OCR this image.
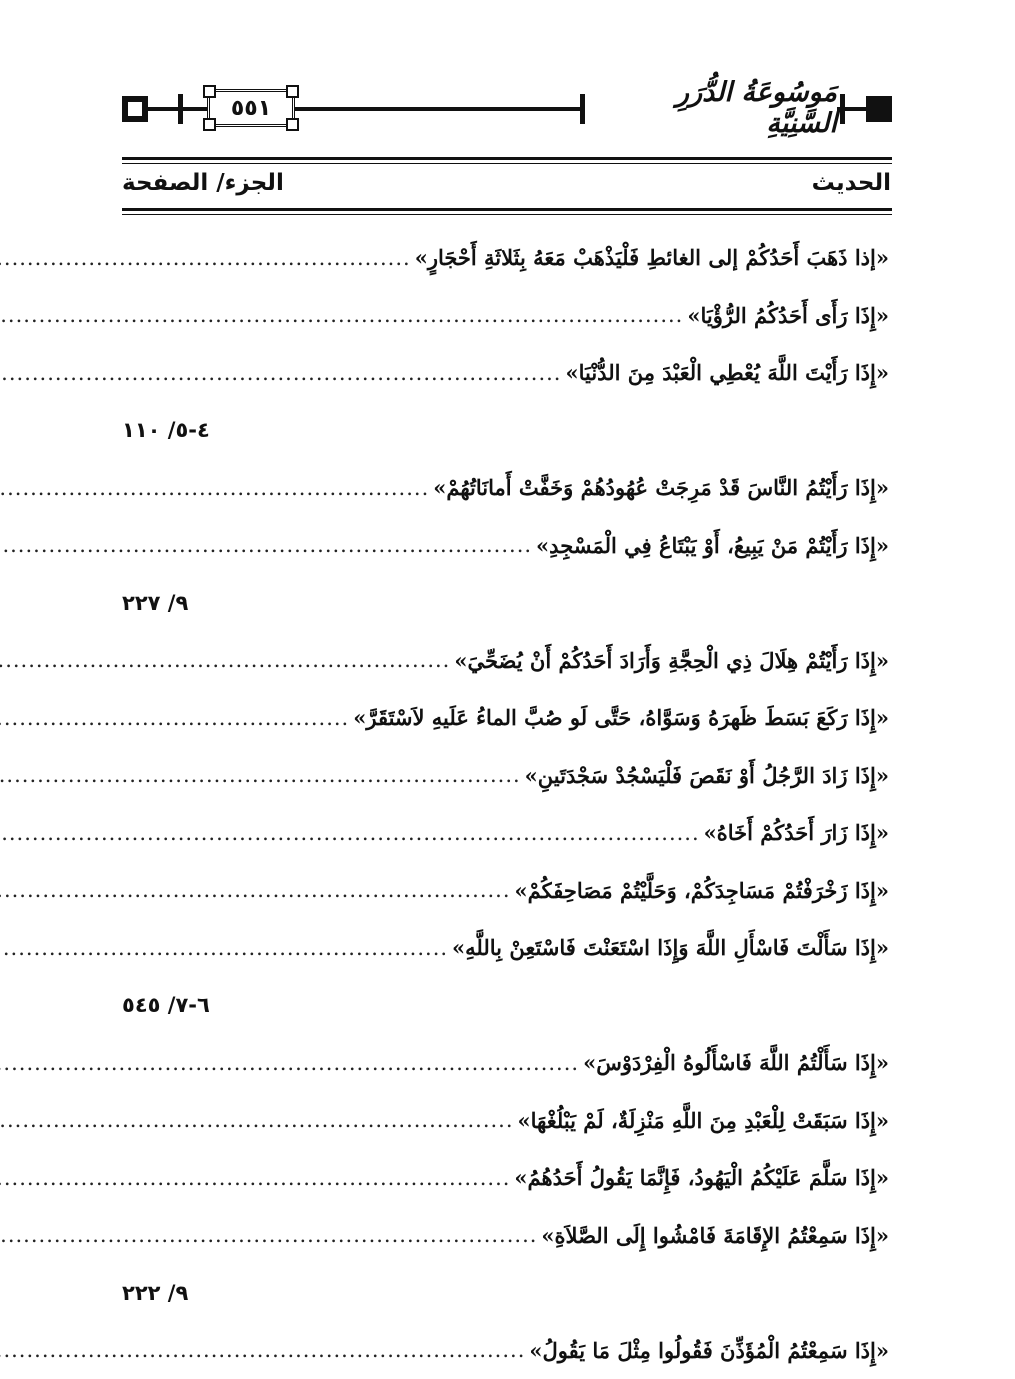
٥٥١	مَوسُوعَةُ الدُّرَرِ السَّنِيَّةِ
الحديث
الجزء/ الصفحة
«إذا ذَهَبَ أَحَدُكُمْ إلى الغائطِ فَلْيَذْهَبْ مَعَهُ بِثَلاثَةِ أَحْجَارٍ»
.....
«إِذَا رَأَى أَحَدُكُمُ الرُّؤْيَا»
.....
«إِذَا رَأَيْتَ اللَّهَ يُعْطِي الْعَبْدَ مِنَ الدُّنْيَا»
.....
٤-٥/ ١١٠
«إِذَا رَأَيْتُمُ النَّاسَ قَدْ مَرِجَتْ عُهُودُهُمْ وَخَفَّتْ أَمانَاتُهُمْ»
.....
«إِذَا رَأَيْتُمْ مَنْ يَبِيعُ، أَوْ يَبْتَاعُ فِي الْمَسْجِدِ»
.....
٩/ ٢٢٧
«إِذَا رَأَيْتُمْ هِلَالَ ذِي الْحِجَّةِ وَأَرَادَ أَحَدُكُمْ أَنْ يُضَحِّيَ»
.....
«إِذَا رَكَعَ بَسَطَ ظَهرَهُ وَسَوَّاهُ، حَتَّى لَو صُبَّ الماءُ عَلَيهِ لاَسْتَقَرَّ»
.....
«إِذَا زَادَ الرَّجُلُ أَوْ نَقَصَ فَلْيَسْجُدْ سَجْدَتَينِ»
.....
«إِذَا زَارَ أَحَدُكُمْ أَخَاهُ»
.....
«إِذَا زَخْرَفْتُمْ مَسَاجِدَكُمْ، وَحَلَّيْتُمْ مَصَاحِفَكُمْ»
.....
«إِذَا سَأَلْتَ فَاسْأَلِ اللَّهَ وَإِذَا اسْتَعَنْتَ فَاسْتَعِنْ بِاللَّهِ»
.....
٦-٧/ ٥٤٥
«إِذَا سَأَلْتُمُ اللَّهَ فَاسْأَلُوهُ الْفِرْدَوْسَ»
.....
«إِذَا سَبَقَتْ لِلْعَبْدِ مِنَ اللَّهِ مَنْزِلَةٌ، لَمْ يَبْلُغْهَا»
.....
«إِذَا سَلَّمَ عَلَيْكُمُ الْيَهُودُ، فَإِنَّمَا يَقُولُ أَحَدُهُمُ»
.....
«إِذَا سَمِعْتُمُ الإِقَامَةَ فَامْشُوا إِلَى الصَّلاَةِ»
.....
٩/ ٢٢٢
«إِذَا سَمِعْتُمُ الْمُؤَذِّنَ فَقُولُوا مِثْلَ مَا يَقُولُ»
.....
